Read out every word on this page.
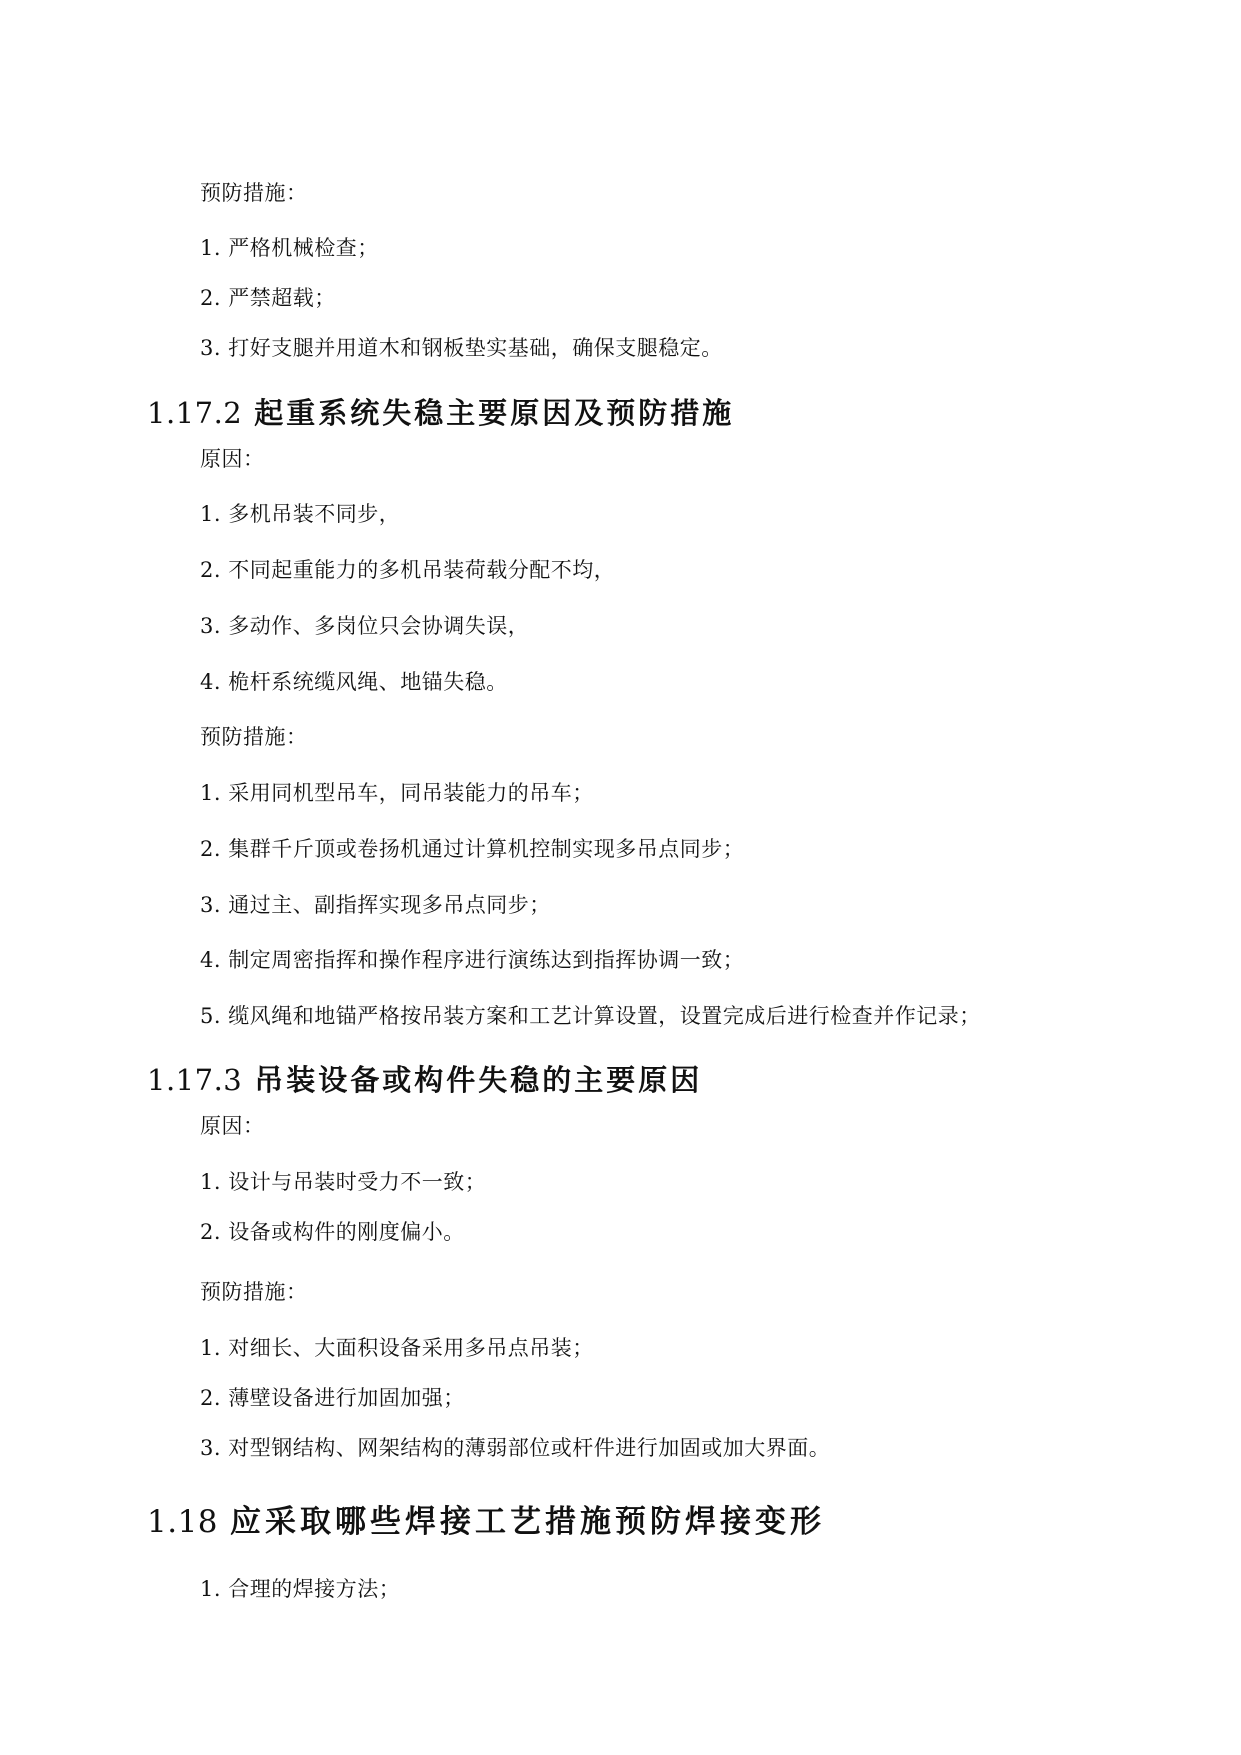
预防措施：
1. 严格机械检查；
2. 严禁超载；
3. 打好支腿并用道木和钢板垫实基础，确保支腿稳定。
1.17.2 起重系统失稳主要原因及预防措施
原因：
1. 多机吊装不同步，
2. 不同起重能力的多机吊装荷载分配不均，
3. 多动作、多岗位只会协调失误，
4. 桅杆系统缆风绳、地锚失稳。
预防措施：
1. 采用同机型吊车，同吊装能力的吊车；
2. 集群千斤顶或卷扬机通过计算机控制实现多吊点同步；
3. 通过主、副指挥实现多吊点同步；
4. 制定周密指挥和操作程序进行演练达到指挥协调一致；
5. 缆风绳和地锚严格按吊装方案和工艺计算设置，设置完成后进行检查并作记录；
1.17.3 吊装设备或构件失稳的主要原因
原因：
1. 设计与吊装时受力不一致；
2. 设备或构件的刚度偏小。
预防措施：
1. 对细长、大面积设备采用多吊点吊装；
2. 薄壁设备进行加固加强；
3. 对型钢结构、网架结构的薄弱部位或杆件进行加固或加大界面。
1.18 应采取哪些焊接工艺措施预防焊接变形
1. 合理的焊接方法；
